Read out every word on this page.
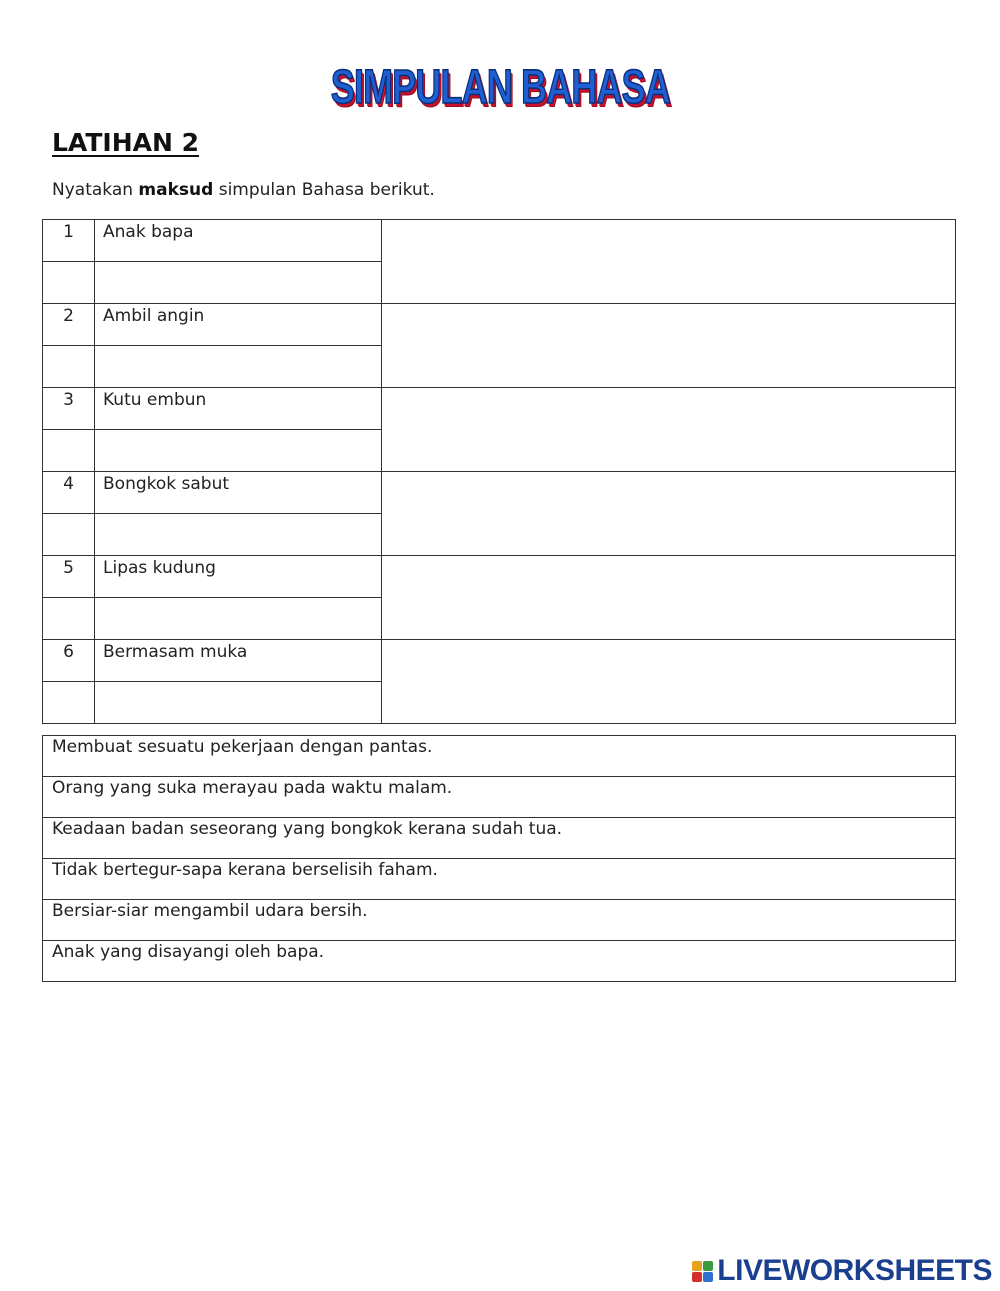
SIMPULAN BAHASA
LATIHAN 2
Nyatakan maksud simpulan Bahasa berikut.
1	Anak bapa	

2	Ambil angin	

3	Kutu embun	

4	Bongkok sabut	

5	Lipas kudung	

6	Bermasam muka	

Membuat sesuatu pekerjaan dengan pantas.
Orang yang suka merayau pada waktu malam.
Keadaan badan seseorang yang bongkok kerana sudah tua.
Tidak bertegur-sapa kerana berselisih faham.
Bersiar-siar mengambil udara bersih.
Anak yang disayangi oleh bapa.
LIVEWORKSHEETS
